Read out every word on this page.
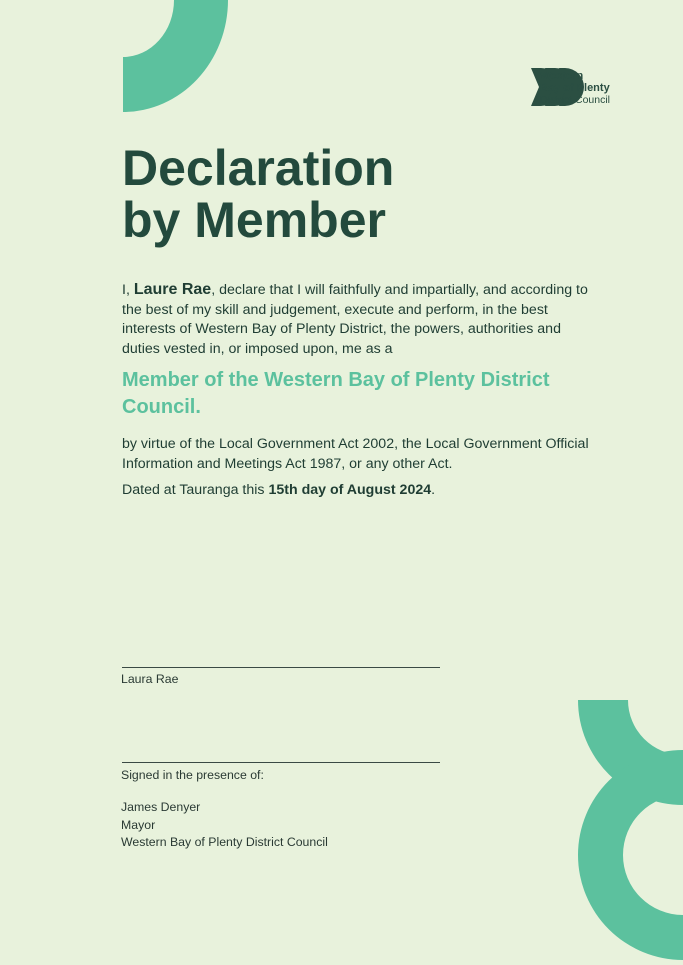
Western
Bay of Plenty
District Council
Declaration
by Member

I, Laure Rae, declare that I will faithfully and impartially, and according to the best of my skill and judgement, execute and perform, in the best interests of Western Bay of Plenty District, the powers, authorities and duties vested in, or imposed upon, me as a

Member of the Western Bay of Plenty District Council.

by virtue of the Local Government Act 2002, the Local Government Official Information and Meetings Act 1987, or any other Act.

Dated at Tauranga this 15th day of August 2024.

Laura Rae

Signed in the presence of:

James Denyer
Mayor
Western Bay of Plenty District Council
